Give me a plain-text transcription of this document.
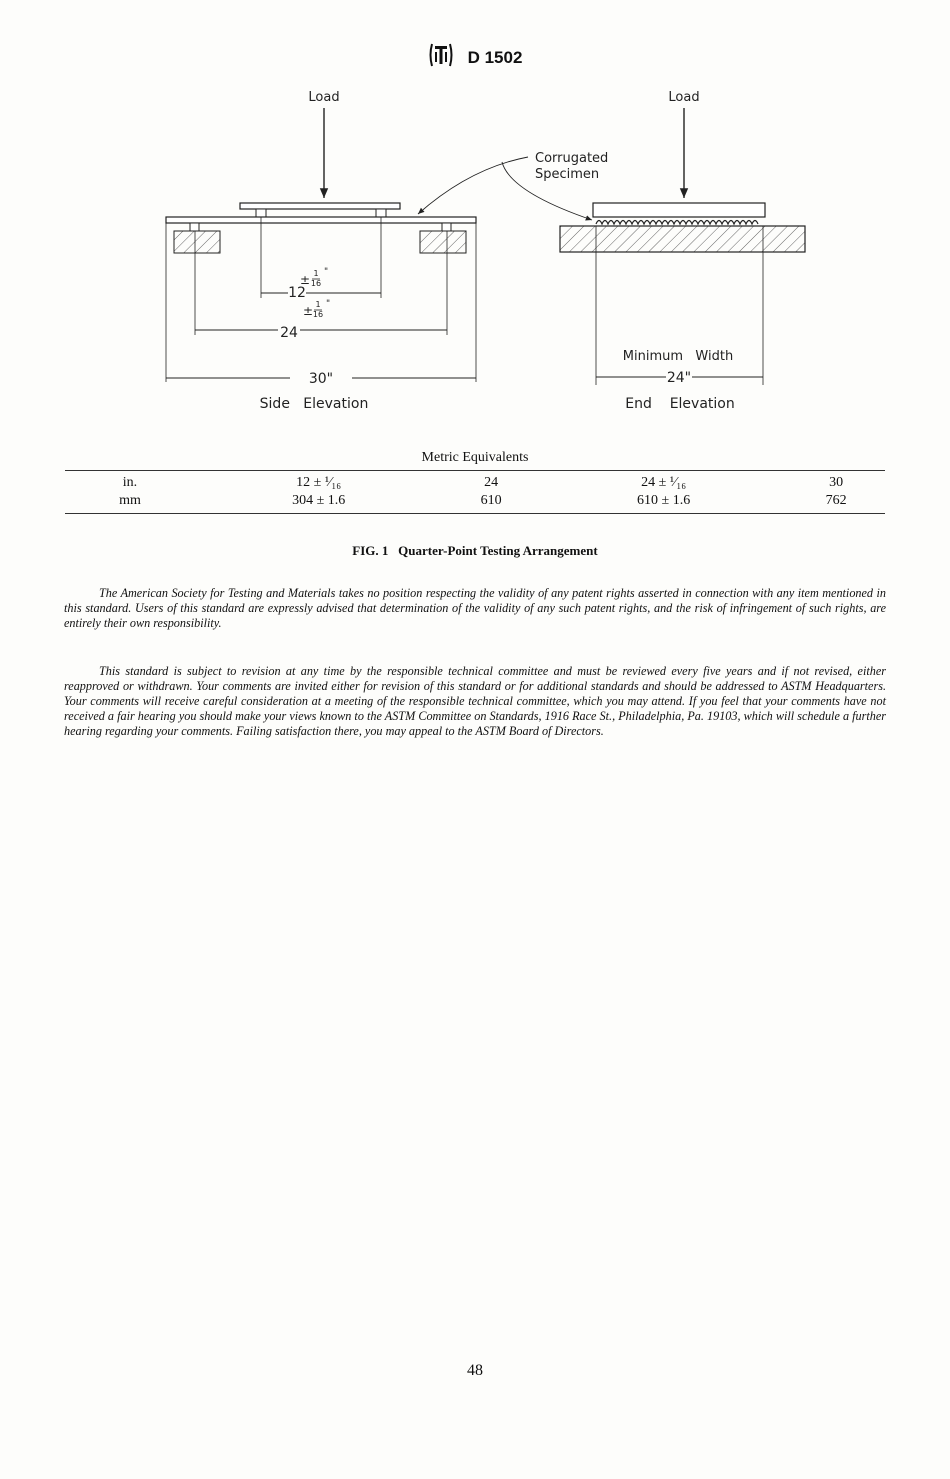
D 1502
Load
12
± 1
16
"
24
± 1
16
"
30"
Side   Elevation
Corrugated
Specimen
Load
Minimum   Width
24"
End    Elevation
Metric Equivalents
in.	12 ± ¹⁄₁₆	24	24 ± ¹⁄₁₆	30
mm	304 ± 1.6	610	610 ± 1.6	762
FIG. 1 Quarter-Point Testing Arrangement

The American Society for Testing and Materials takes no position respecting the validity of any patent rights asserted in connection with any item mentioned in this standard. Users of this standard are expressly advised that determination of the validity of any such patent rights, and the risk of infringement of such rights, are entirely their own responsibility.

This standard is subject to revision at any time by the responsible technical committee and must be reviewed every five years and if not revised, either reapproved or withdrawn. Your comments are invited either for revision of this standard or for additional standards and should be addressed to ASTM Headquarters. Your comments will receive careful consideration at a meeting of the responsible technical committee, which you may attend. If you feel that your comments have not received a fair hearing you should make your views known to the ASTM Committee on Standards, 1916 Race St., Philadelphia, Pa. 19103, which will schedule a further hearing regarding your comments. Failing satisfaction there, you may appeal to the ASTM Board of Directors.

48
